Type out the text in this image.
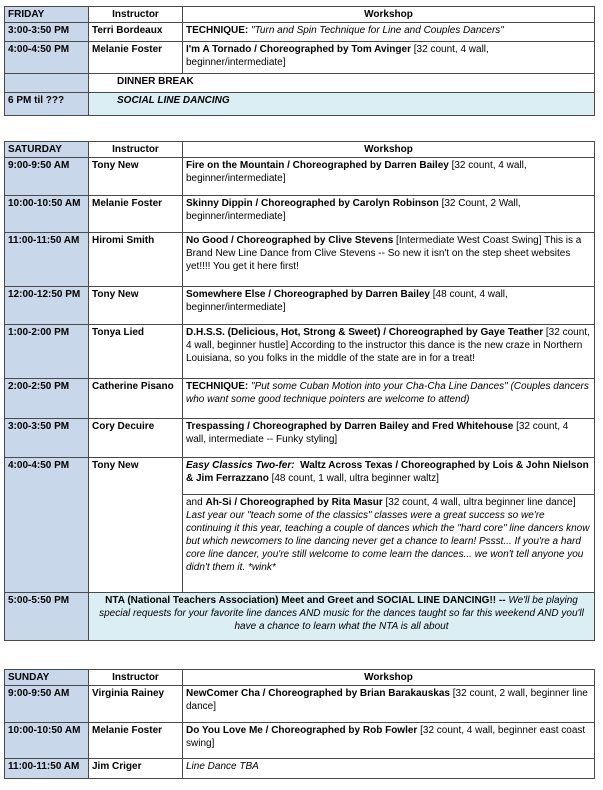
FRIDAY	Instructor	Workshop
3:00-3:50 PM	Terri Bordeaux	TECHNIQUE: "Turn and Spin Technique for Line and Couples Dancers"
4:00-4:50 PM	Melanie Foster	I'm A Tornado / Choreographed by Tom Avinger [32 count, 4 wall, beginner/intermediate]
	DINNER BREAK	
6 PM til ???	SOCIAL LINE DANCING	
SATURDAY	Instructor	Workshop
9:00-9:50 AM	Tony New	Fire on the Mountain / Choreographed by Darren Bailey [32 count, 4 wall, beginner/intermediate]
10:00-10:50 AM	Melanie Foster	Skinny Dippin / Choreographed by Carolyn Robinson [32 Count, 2 Wall, beginner/intermediate]
11:00-11:50 AM	Hiromi Smith	No Good / Choreographed by Clive Stevens [Intermediate West Coast Swing] This is a Brand New Line Dance from Clive Stevens -- So new it isn't on the step sheet websites yet!!!! You get it here first!
12:00-12:50 PM	Tony New	Somewhere Else / Choreographed by Darren Bailey [48 count, 4 wall, beginner/intermediate]
1:00-2:00 PM	Tonya Lied	D.H.S.S. (Delicious, Hot, Strong & Sweet) / Choreographed by Gaye Teather [32 count, 4 wall, beginner hustle] According to the instructor this dance is the new craze in Northern Louisiana, so you folks in the middle of the state are in for a treat!
2:00-2:50 PM	Catherine Pisano	TECHNIQUE: "Put some Cuban Motion into your Cha-Cha Line Dances" (Couples dancers who want some good technique pointers are welcome to attend)
3:00-3:50 PM	Cory Decuire	Trespassing / Choreographed by Darren Bailey and Fred Whitehouse [32 count, 4 wall, intermediate -- Funky styling]
4:00-4:50 PM	Tony New	Easy Classics Two-fer: Waltz Across Texas / Choreographed by Lois & John Nielson & Jim Ferrazzano [48 count, 1 wall, ultra beginner waltz]
		and Ah-Si / Choreographed by Rita Masur [32 count, 4 wall, ultra beginner line dance]
Last year our "teach some of the classics" classes were a great success so we're continuing it this year, teaching a couple of dances which the "hard core" line dancers know but which newcomers to line dancing never get a chance to learn! Pssst... If you're a hard core line dancer, you're still welcome to come learn the dances... we won't tell anyone you didn't them it. *wink*
5:00-5:50 PM	NTA (National Teachers Association) Meet and Greet and SOCIAL LINE DANCING!! -- We'll be playing special requests for your favorite line dances AND music for the dances taught so far this weekend AND you'll have a chance to learn what the NTA is all about	
SUNDAY	Instructor	Workshop
9:00-9:50 AM	Virginia Rainey	NewComer Cha / Choreographed by Brian Barakauskas [32 count, 2 wall, beginner line dance]
10:00-10:50 AM	Melanie Foster	Do You Love Me / Choreographed by Rob Fowler [32 count, 4 wall, beginner east coast swing]
11:00-11:50 AM	Jim Criger	Line Dance TBA
